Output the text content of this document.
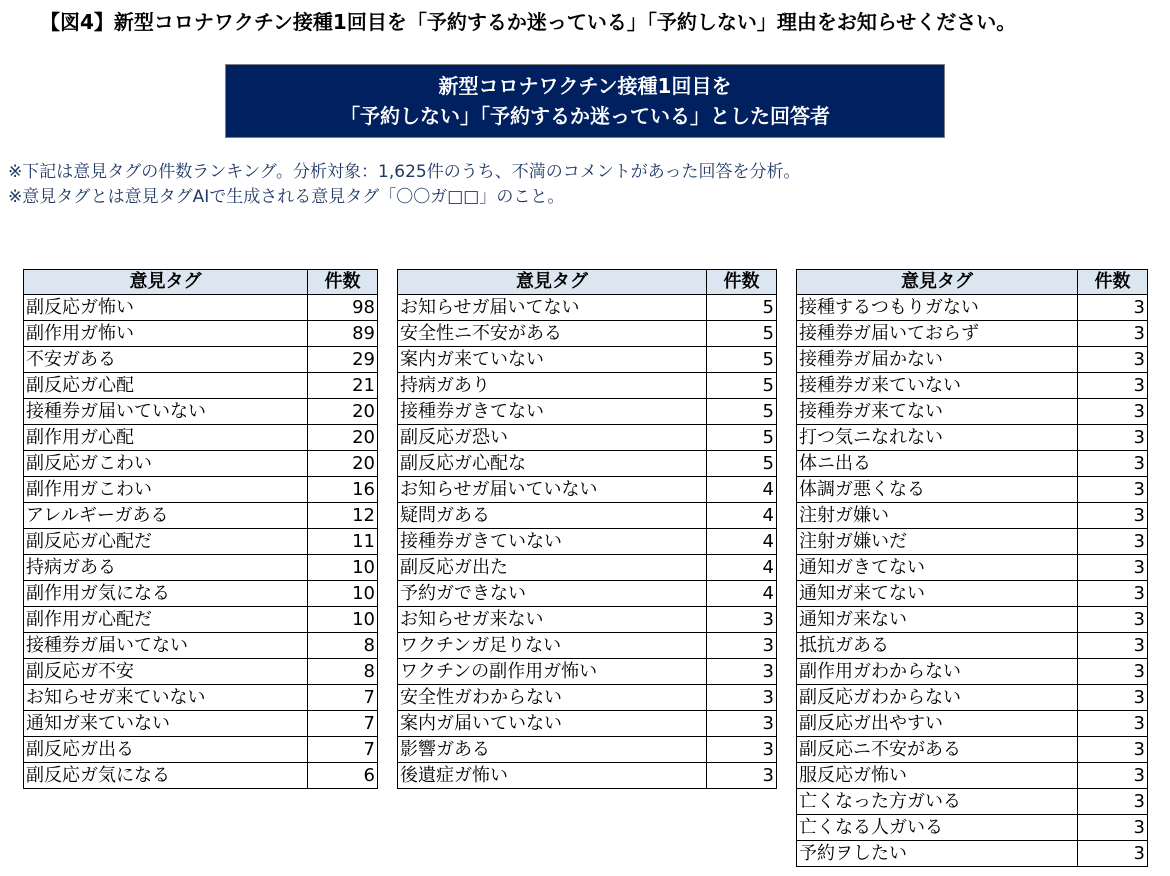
【図4】新型コロナワクチン接種1回目を「予約するか迷っている」「予約しない」理由をお知らせください。
新型コロナワクチン接種1回目を
「予約しない」「予約するか迷っている」とした回答者
※下記は意見タグの件数ランキング。分析対象：1,625件のうち、不満のコメントがあった回答を分析。
※意見タグとは意見タグAIで生成される意見タグ「〇〇ガ□□」のこと。
意見タグ	件数
副反応ガ怖い	98
副作用ガ怖い	89
不安ガある	29
副反応ガ心配	21
接種券ガ届いていない	20
副作用ガ心配	20
副反応ガこわい	20
副作用ガこわい	16
アレルギーガある	12
副反応ガ心配だ	11
持病ガある	10
副作用ガ気になる	10
副作用ガ心配だ	10
接種券ガ届いてない	8
副反応ガ不安	8
お知らせガ来ていない	7
通知ガ来ていない	7
副反応ガ出る	7
副反応ガ気になる	6
意見タグ	件数
お知らせガ届いてない	5
安全性ニ不安がある	5
案内ガ来ていない	5
持病ガあり	5
接種券ガきてない	5
副反応ガ恐い	5
副反応ガ心配な	5
お知らせガ届いていない	4
疑問ガある	4
接種券ガきていない	4
副反応ガ出た	4
予約ガできない	4
お知らせガ来ない	3
ワクチンガ足りない	3
ワクチンの副作用ガ怖い	3
安全性ガわからない	3
案内ガ届いていない	3
影響ガある	3
後遺症ガ怖い	3
意見タグ	件数
接種するつもりガない	3
接種券ガ届いておらず	3
接種券ガ届かない	3
接種券ガ来ていない	3
接種券ガ来てない	3
打つ気ニなれない	3
体ニ出る	3
体調ガ悪くなる	3
注射ガ嫌い	3
注射ガ嫌いだ	3
通知ガきてない	3
通知ガ来てない	3
通知ガ来ない	3
抵抗ガある	3
副作用ガわからない	3
副反応ガわからない	3
副反応ガ出やすい	3
副反応ニ不安がある	3
服反応ガ怖い	3
亡くなった方ガいる	3
亡くなる人ガいる	3
予約ヲしたい	3
